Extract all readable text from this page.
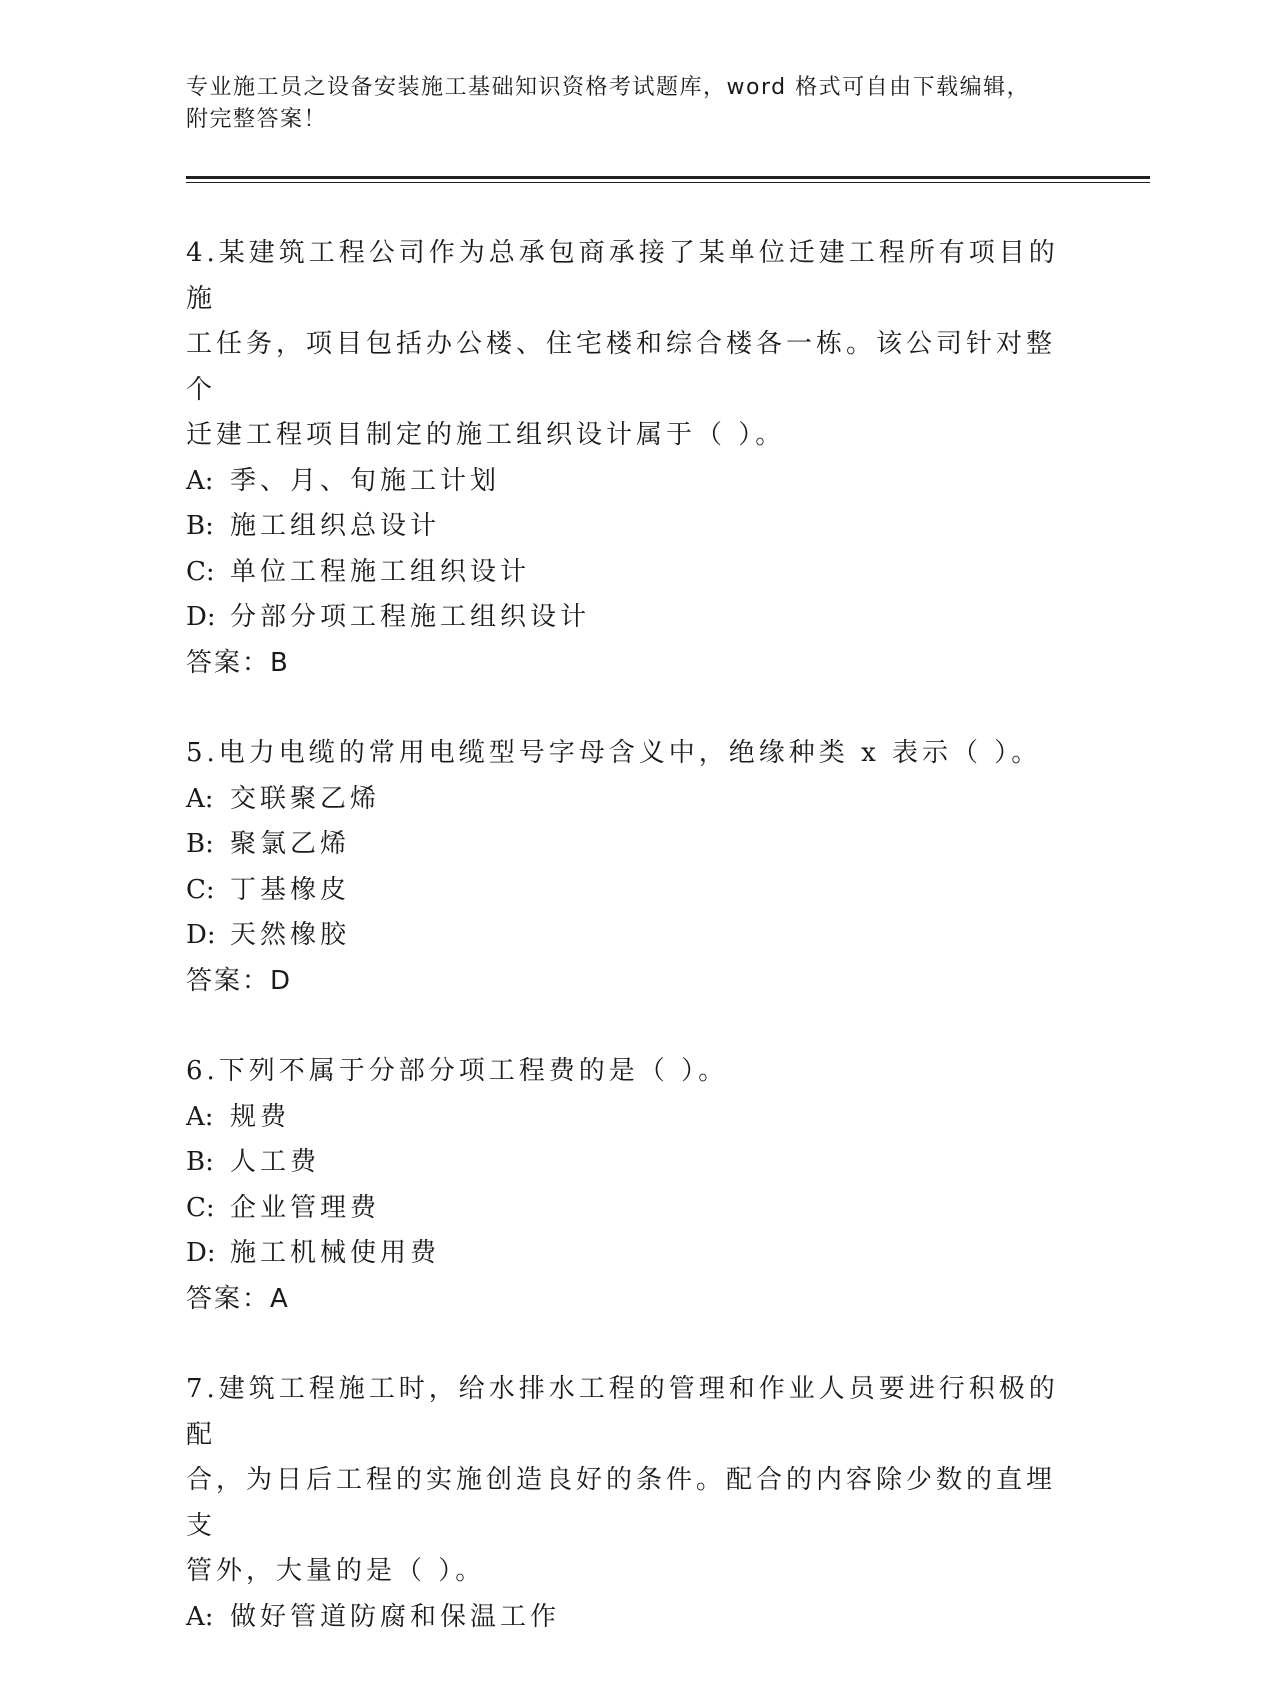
专业施工员之设备安装施工基础知识资格考试题库，word 格式可自由下载编辑，
附完整答案！
4.某建筑工程公司作为总承包商承接了某单位迁建工程所有项目的施
工任务，项目包括办公楼、住宅楼和综合楼各一栋。该公司针对整个
迁建工程项目制定的施工组织设计属于（ ）。
A: 季、月、旬施工计划
B: 施工组织总设计
C: 单位工程施工组织设计
D: 分部分项工程施工组织设计
答案：B
5.电力电缆的常用电缆型号字母含义中，绝缘种类 x 表示（ ）。
A: 交联聚乙烯
B: 聚氯乙烯
C: 丁基橡皮
D: 天然橡胶
答案：D
6.下列不属于分部分项工程费的是（ ）。
A: 规费
B: 人工费
C: 企业管理费
D: 施工机械使用费
答案：A
7.建筑工程施工时，给水排水工程的管理和作业人员要进行积极的配
合，为日后工程的实施创造良好的条件。配合的内容除少数的直埋支
管外，大量的是（ ）。
A: 做好管道防腐和保温工作
